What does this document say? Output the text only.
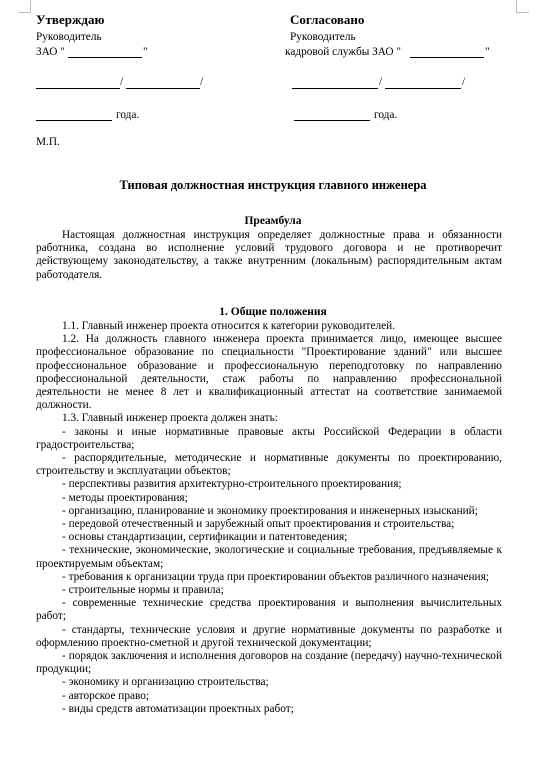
Утверждаю
Руководитель
ЗАО "	"
/	/
года.
Согласовано
Руководитель
кадровой службы ЗАО "	"
/	/
года.
М.П.
Типовая должностная инструкция главного инженера
Преамбула

Настоящая должностная инструкция определяет должностные права и обязанности работника, создана во исполнение условий трудового договора и не противоречит действующему законодательству, а также внутренним (локальным) распорядительным актам работодателя.

1. Общие положения

1.1. Главный инженер проекта относится к категории руководителей.

1.2. На должность главного инженера проекта принимается лицо, имеющее высшее профессиональное образование по специальности "Проектирование зданий" или высшее профессиональное образование и профессиональную переподготовку по направлению профессиональной деятельности, стаж работы по направлению профессиональной деятельности не менее 8 лет и квалификационный аттестат на соответствие занимаемой должности.

1.3. Главный инженер проекта должен знать:

- законы и иные нормативные правовые акты Российской Федерации в области градостроительства;

- распорядительные, методические и нормативные документы по проектированию, строительству и эксплуатации объектов;

- перспективы развития архитектурно-строительного проектирования;

- методы проектирования;

- организацию, планирование и экономику проектирования и инженерных изысканий;

- передовой отечественный и зарубежный опыт проектирования и строительства;

- основы стандартизации, сертификации и патентоведения;

- технические, экономические, экологические и социальные требования, предъявляемые к проектируемым объектам;

- требования к организации труда при проектировании объектов различного назначения;

- строительные нормы и правила;

- современные технические средства проектирования и выполнения вычислительных работ;

- стандарты, технические условия и другие нормативные документы по разработке и оформлению проектно-сметной и другой технической документации;

- порядок заключения и исполнения договоров на создание (передачу) научно-технической продукции;

- экономику и организацию строительства;

- авторское право;

- виды средств автоматизации проектных работ;
